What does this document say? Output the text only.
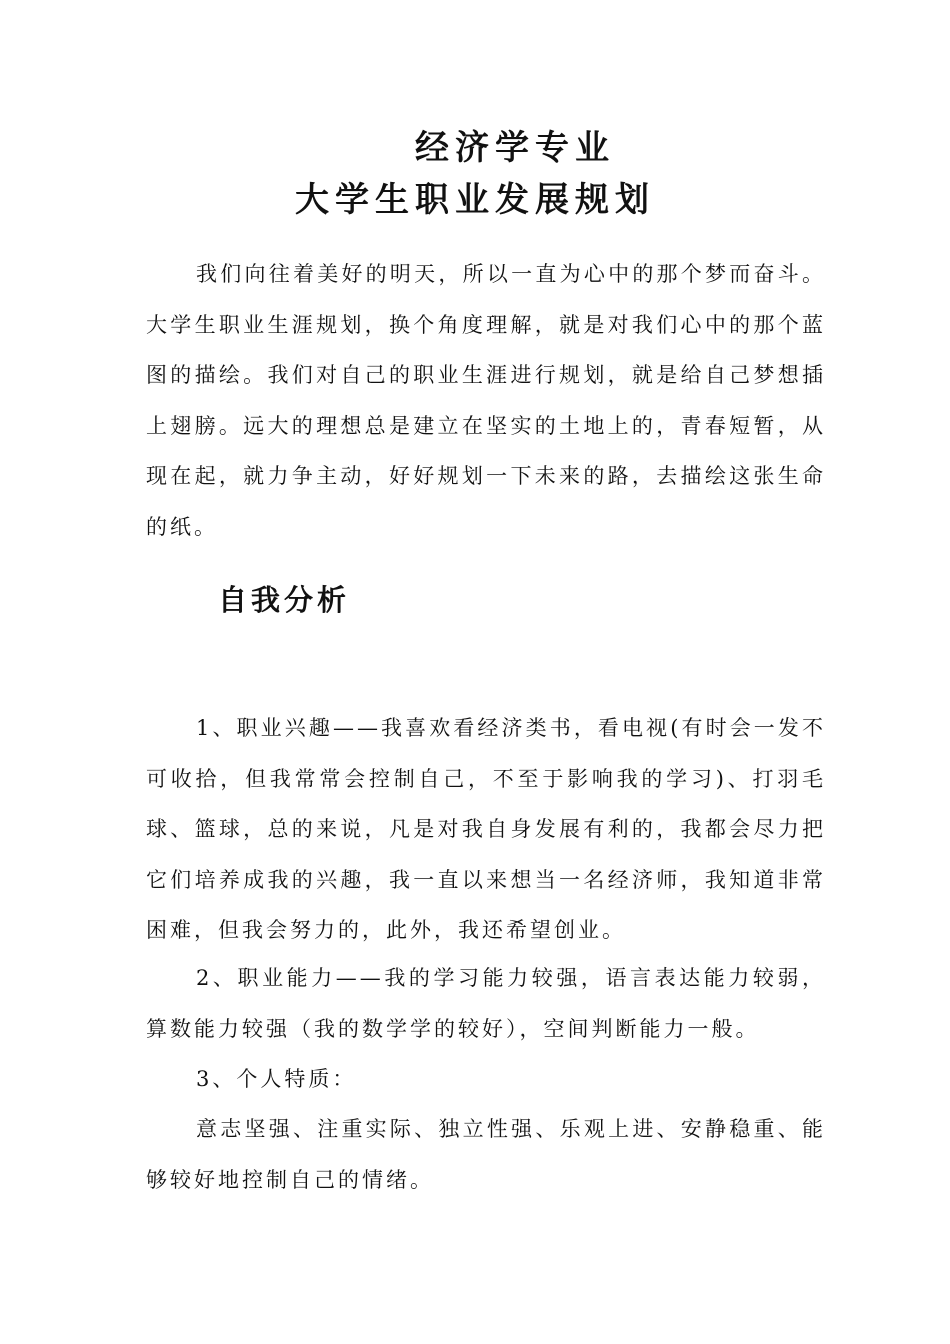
经济学专业
大学生职业发展规划

我们向往着美好的明天，所以一直为心中的那个梦而奋斗。大学生职业生涯规划，换个角度理解，就是对我们心中的那个蓝图的描绘。我们对自己的职业生涯进行规划，就是给自己梦想插上翅膀。远大的理想总是建立在坚实的土地上的，青春短暂，从现在起，就力争主动，好好规划一下未来的路，去描绘这张生命的纸。

自我分析

1、职业兴趣——我喜欢看经济类书，看电视(有时会一发不可收拾，但我常常会控制自己，不至于影响我的学习)、打羽毛球、篮球，总的来说，凡是对我自身发展有利的，我都会尽力把它们培养成我的兴趣，我一直以来想当一名经济师，我知道非常困难，但我会努力的，此外，我还希望创业。

2、职业能力——我的学习能力较强，语言表达能力较弱，算数能力较强（我的数学学的较好），空间判断能力一般。

3、个人特质：

意志坚强、注重实际、独立性强、乐观上进、安静稳重、能够较好地控制自己的情绪。
